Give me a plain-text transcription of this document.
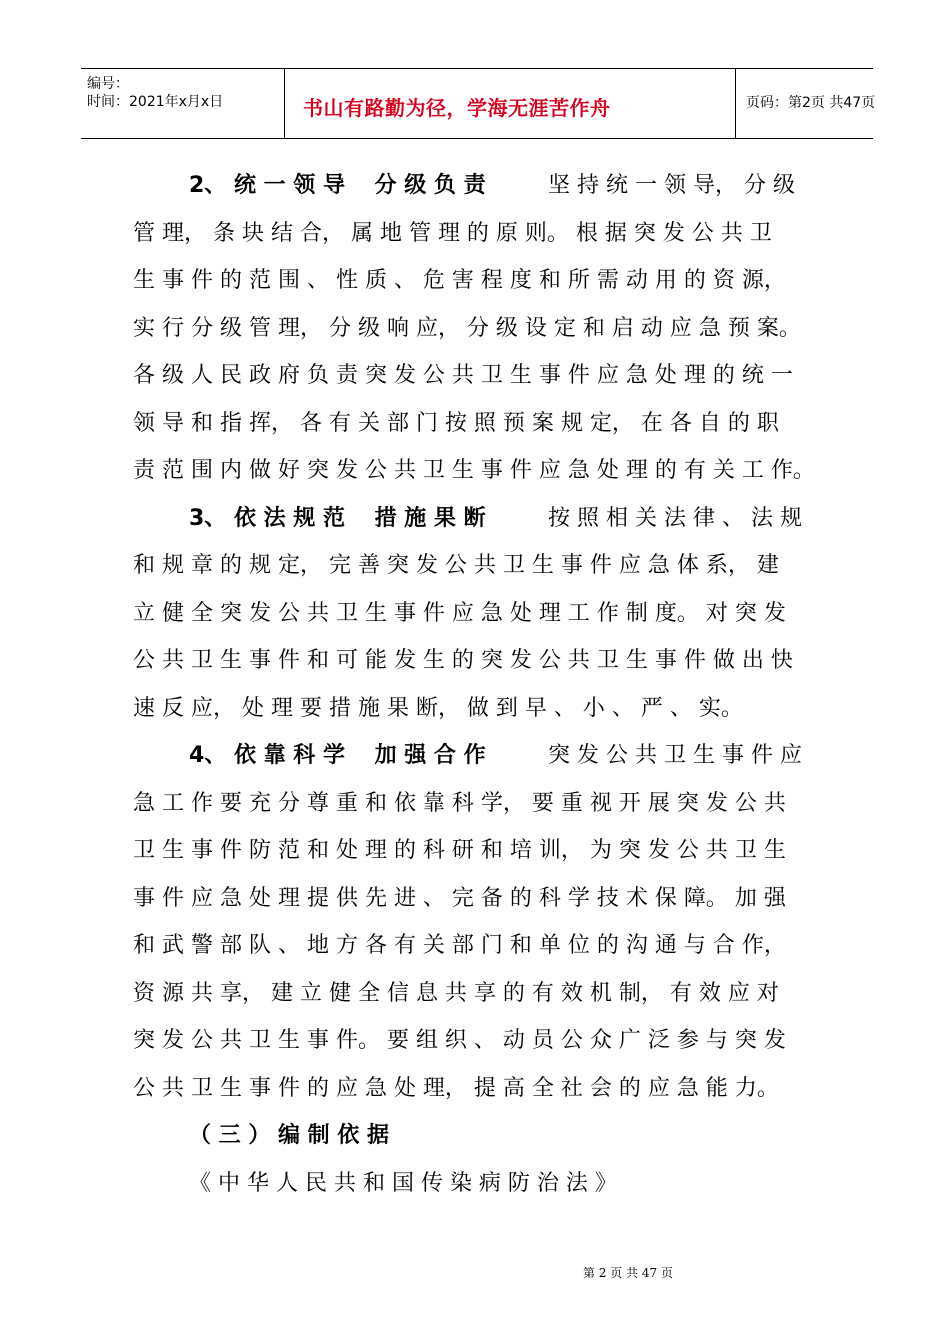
编号：
时间：2021年x月x日	书山有路勤为径，学海无涯苦作舟	页码：第2页 共47页
2、 统 一 领 导　 分 级 负 责	坚 持 统 一 领 导， 分 级
管 理， 条 块 结 合， 属 地 管 理 的 原 则。 根 据 突 发 公 共 卫
生 事 件 的 范 围 、 性 质 、 危 害 程 度 和 所 需 动 用 的 资 源，
实 行 分 级 管 理， 分 级 响 应， 分 级 设 定 和 启 动 应 急 预 案。
各 级 人 民 政 府 负 责 突 发 公 共 卫 生 事 件 应 急 处 理 的 统 一
领 导 和 指 挥， 各 有 关 部 门 按 照 预 案 规 定， 在 各 自 的 职
责 范 围 内 做 好 突 发 公 共 卫 生 事 件 应 急 处 理 的 有 关 工 作。
3、 依 法 规 范　 措 施 果 断	按 照 相 关 法 律 、 法 规
和 规 章 的 规 定， 完 善 突 发 公 共 卫 生 事 件 应 急 体 系， 建
立 健 全 突 发 公 共 卫 生 事 件 应 急 处 理 工 作 制 度。 对 突 发
公 共 卫 生 事 件 和 可 能 发 生 的 突 发 公 共 卫 生 事 件 做 出 快
速 反 应， 处 理 要 措 施 果 断， 做 到 早 、 小 、 严 、 实。
4、 依 靠 科 学　 加 强 合 作	突 发 公 共 卫 生 事 件 应
急 工 作 要 充 分 尊 重 和 依 靠 科 学， 要 重 视 开 展 突 发 公 共
卫 生 事 件 防 范 和 处 理 的 科 研 和 培 训， 为 突 发 公 共 卫 生
事 件 应 急 处 理 提 供 先 进 、 完 备 的 科 学 技 术 保 障。 加 强
和 武 警 部 队 、 地 方 各 有 关 部 门 和 单 位 的 沟 通 与 合 作，
资 源 共 享， 建 立 健 全 信 息 共 享 的 有 效 机 制， 有 效 应 对
突 发 公 共 卫 生 事 件。 要 组 织 、 动 员 公 众 广 泛 参 与 突 发
公 共 卫 生 事 件 的 应 急 处 理， 提 高 全 社 会 的 应 急 能 力。
（ 三 ） 编 制 依 据
《 中 华 人 民 共 和 国 传 染 病 防 治 法 》
第 2 页 共 47 页
